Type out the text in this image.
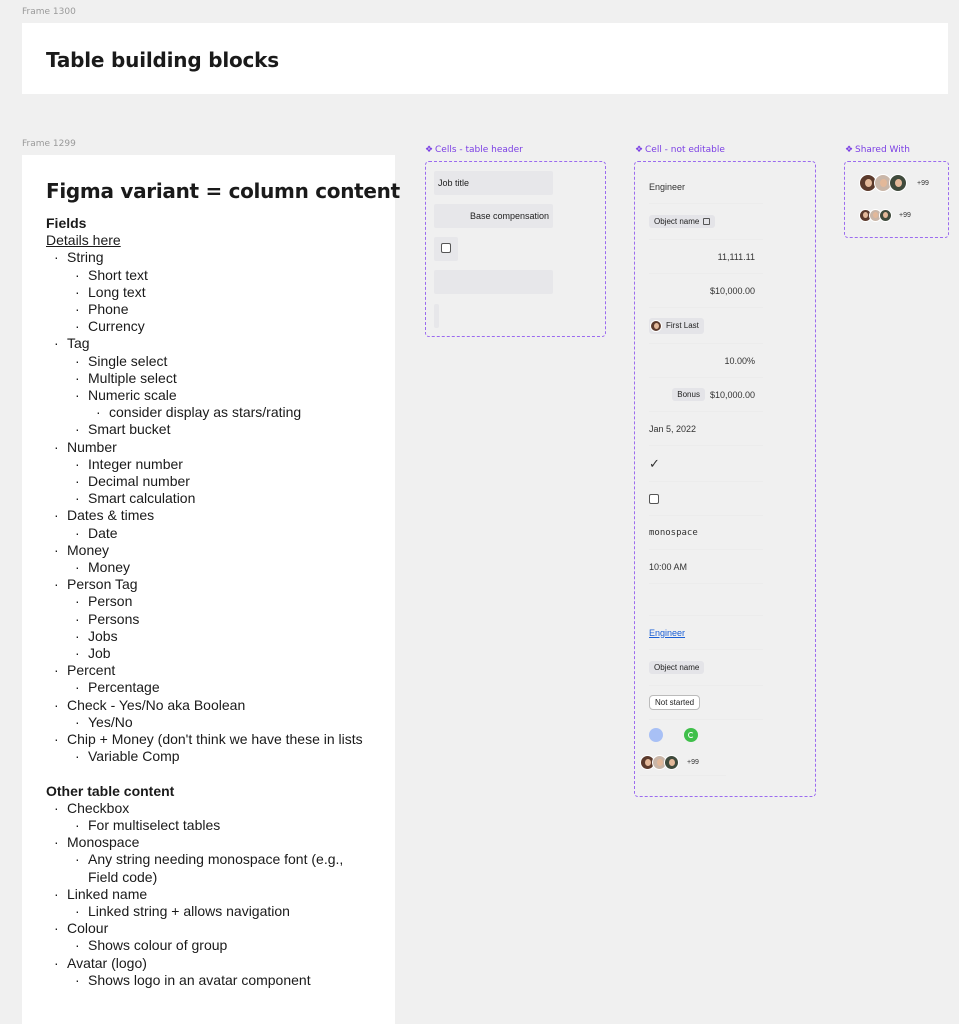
Frame 1300
Table building blocks
Frame 1299
Figma variant = column content
Fields
Details here
· String
· Short text
· Long text
· Phone
· Currency
· Tag
· Single select
· Multiple select
· Numeric scale
· consider display as stars/rating
· Smart bucket
· Number
· Integer number
· Decimal number
· Smart calculation
· Dates & times
· Date
· Money
· Money
· Person Tag
· Person
· Persons
· Jobs
· Job
· Percent
· Percentage
· Check - Yes/No aka Boolean
· Yes/No
· Chip + Money (don't think we have these in lists
· Variable Comp
Other table content
· Checkbox
· For multiselect tables
· Monospace
· Any string needing monospace font (e.g., Field code)
· Linked name
· Linked string + allows navigation
· Colour
· Shows colour of group
· Avatar (logo)
· Shows logo in an avatar component
❖ Cells - table header
Job title
Base compensation
❖ Cell - not editable
Engineer
Object name
11,111.11
$10,000.00
First Last
10.00%
Bonus	$10,000.00
Jan 5, 2022
✓
monospace
10:00 AM
Engineer
Object name
Not started
+99
❖ Shared With
+99
+99
